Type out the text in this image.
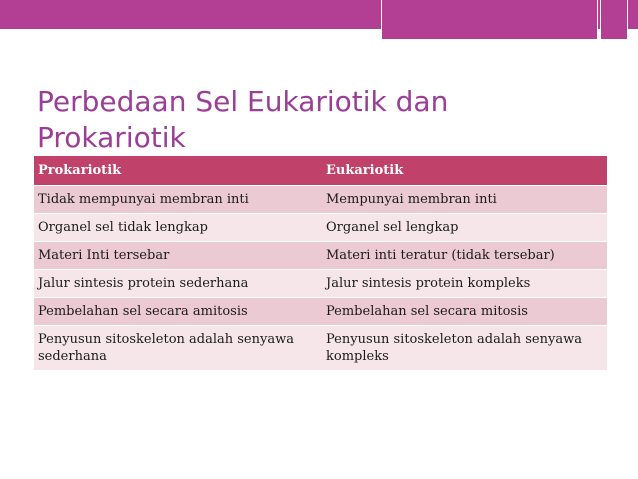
Perbedaan Sel Eukariotik dan Prokariotik
Prokariotik	Eukariotik
Tidak mempunyai membran inti	Mempunyai membran inti
Organel sel tidak lengkap	Organel sel lengkap
Materi Inti tersebar	Materi inti teratur (tidak tersebar)
Jalur sintesis protein sederhana	Jalur sintesis protein kompleks
Pembelahan sel secara amitosis	Pembelahan sel secara mitosis
Penyusun sitoskeleton adalah senyawa sederhana	Penyusun sitoskeleton adalah senyawa kompleks
